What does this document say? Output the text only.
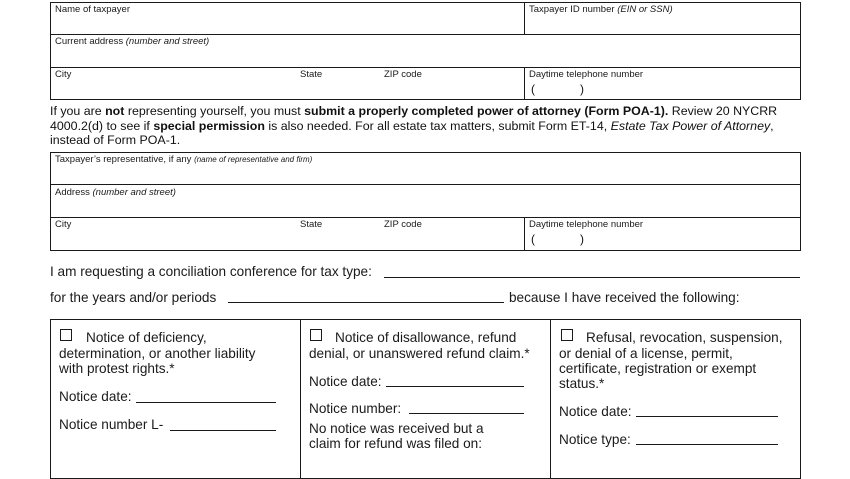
Name of taxpayer	Taxpayer ID number (EIN or SSN)
Current address (number and street)
City	State	ZIP code	Daytime telephone number
(	)
If you are not representing yourself, you must submit a properly completed power of attorney (Form POA-1). Review 20 NYCRR 4000.2(d) to see if special permission is also needed. For all estate tax matters, submit Form ET-14, Estate Tax Power of Attorney, instead of Form POA-1.
Taxpayer’s representative, if any (name of representative and firm)
Address (number and street)
City	State	ZIP code	Daytime telephone number
(	)
I am requesting a conciliation conference for tax type:
for the years and/or periods	because I have received the following:
Notice of deficiency,
determination, or another liability
with protest rights.*
Notice date:
Notice number L-
Notice of disallowance, refund
denial, or unanswered refund claim.*
Notice date:
Notice number:
No notice was received but a
claim for refund was filed on:
Refusal, revocation, suspension,
or denial of a license, permit,
certificate, registration or exempt
status.*
Notice date:
Notice type:
